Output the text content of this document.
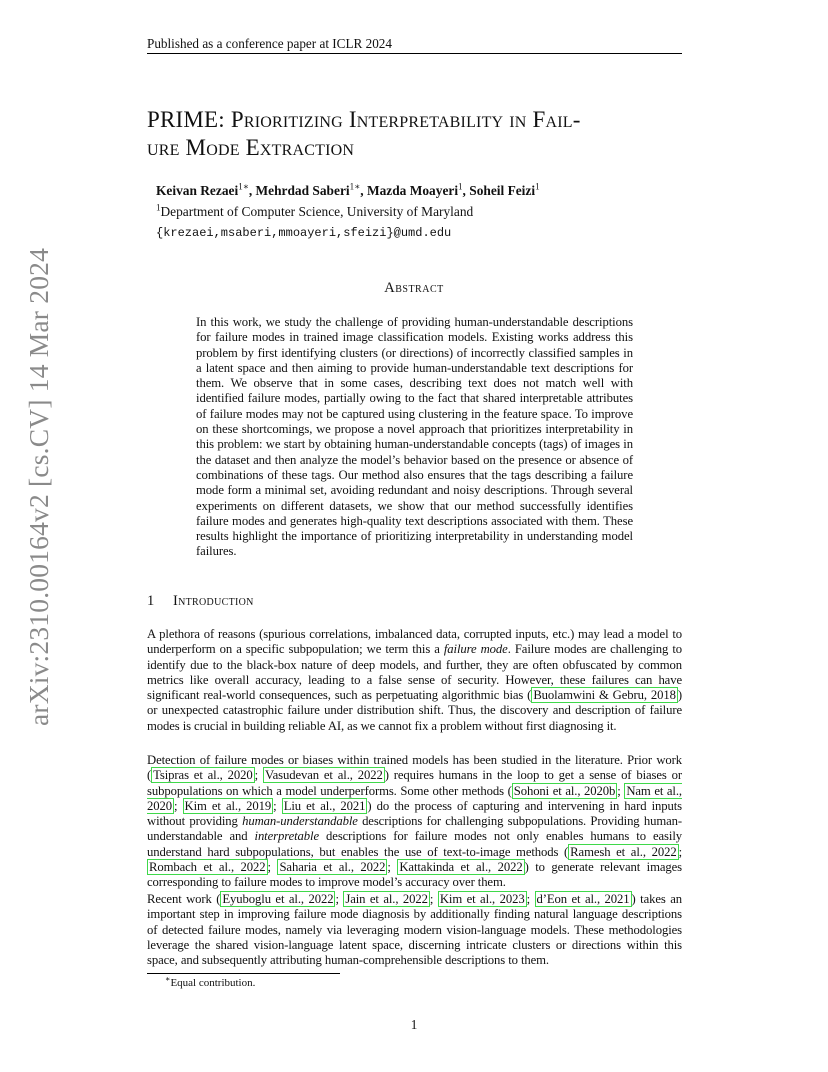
Published as a conference paper at ICLR 2024
arXiv:2310.00164v2 [cs.CV] 14 Mar 2024
PRIME: Prioritizing Interpretability in Fail-
ure Mode Extraction
Keivan Rezaei$^{1∗}$, Mehrdad Saberi$^{1∗}$, Mazda Moayeri$^1$, Soheil Feizi$^1$
$^1$Department of Computer Science, University of Maryland
{krezaei,msaberi,mmoayeri,sfeizi}@umd.edu
Abstract

In this work, we study the challenge of providing human-understandable descriptions for failure modes in trained image classification models. Existing works address this problem by first identifying clusters (or directions) of incorrectly classified samples in a latent space and then aiming to provide human-understandable text descriptions for them. We observe that in some cases, describing text does not match well with identified failure modes, partially owing to the fact that shared interpretable attributes of failure modes may not be captured using clustering in the feature space. To improve on these shortcomings, we propose a novel approach that prioritizes interpretability in this problem: we start by obtaining human-understandable concepts (tags) of images in the dataset and then analyze the model’s behavior based on the presence or absence of combinations of these tags. Our method also ensures that the tags describing a failure mode form a minimal set, avoiding redundant and noisy descriptions. Through several experiments on different datasets, we show that our method successfully identifies failure modes and generates high-quality text descriptions associated with them. These results highlight the importance of prioritizing interpretability in understanding model failures.

1 Introduction

A plethora of reasons (spurious correlations, imbalanced data, corrupted inputs, etc.) may lead a model to underperform on a specific subpopulation; we term this a failure mode. Failure modes are challenging to identify due to the black-box nature of deep models, and further, they are often obfuscated by common metrics like overall accuracy, leading to a false sense of security. However, these failures can have significant real-world consequences, such as perpetuating algorithmic bias ( Buolamwini & Gebru, 2018 ) or unexpected catastrophic failure under distribution shift. Thus, the discovery and description of failure modes is crucial in building reliable AI, as we cannot fix a problem without first diagnosing it.

Detection of failure modes or biases within trained models has been studied in the literature. Prior work ( Tsipras et al., 2020 ; Vasudevan et al., 2022 ) requires humans in the loop to get a sense of biases or subpopulations on which a model underperforms. Some other methods ( Sohoni et al., 2020b ; Nam et al., 2020 ; Kim et al., 2019 ; Liu et al., 2021 ) do the process of capturing and intervening in hard inputs without providing human-understandable descriptions for challenging subpopulations. Providing human-understandable and interpretable descriptions for failure modes not only enables humans to easily understand hard subpopulations, but enables the use of text-to-image methods ( Ramesh et al., 2022 ; Rombach et al., 2022 ; Saharia et al., 2022 ; Kattakinda et al., 2022 ) to generate relevant images corresponding to failure modes to improve model’s accuracy over them.

Recent work ( Eyuboglu et al., 2022 ; Jain et al., 2022 ; Kim et al., 2023 ; d’Eon et al., 2021 ) takes an important step in improving failure mode diagnosis by additionally finding natural language descriptions of detected failure modes, namely via leveraging modern vision-language models. These methodologies leverage the shared vision-language latent space, discerning intricate clusters or directions within this space, and subsequently attributing human-comprehensible descriptions to them.

∗Equal contribution.
1
